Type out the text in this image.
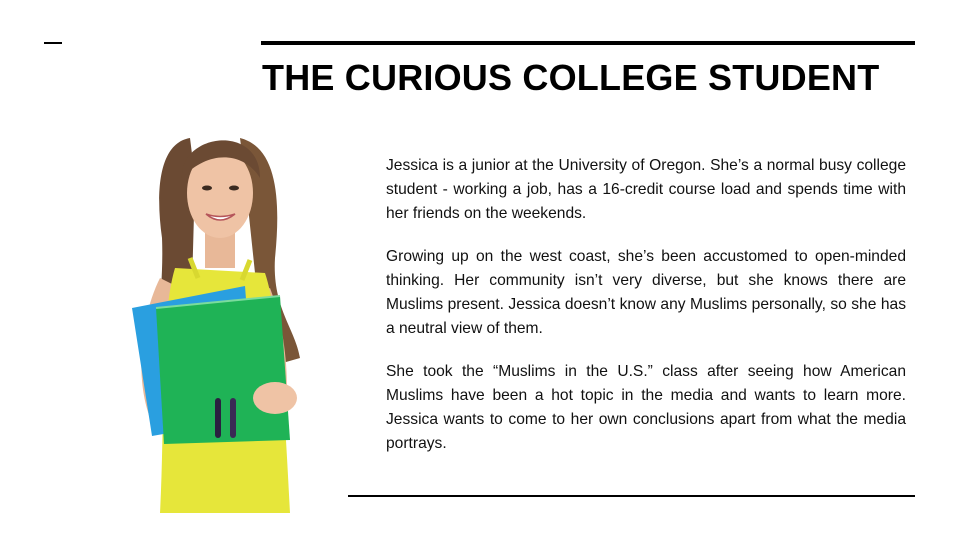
THE CURIOUS COLLEGE STUDENT

Jessica is a junior at the University of Oregon. She’s a normal busy college student - working a job, has a 16-credit course load and spends time with her friends on the weekends.

Growing up on the west coast, she’s been accustomed to open-minded thinking. Her community isn’t very diverse, but she knows there are Muslims present. Jessica doesn’t know any Muslims personally, so she has a neutral view of them.

She took the “Muslims in the U.S.” class after seeing how American Muslims have been a hot topic in the media and wants to learn more. Jessica wants to come to her own conclusions apart from what the media portrays.
